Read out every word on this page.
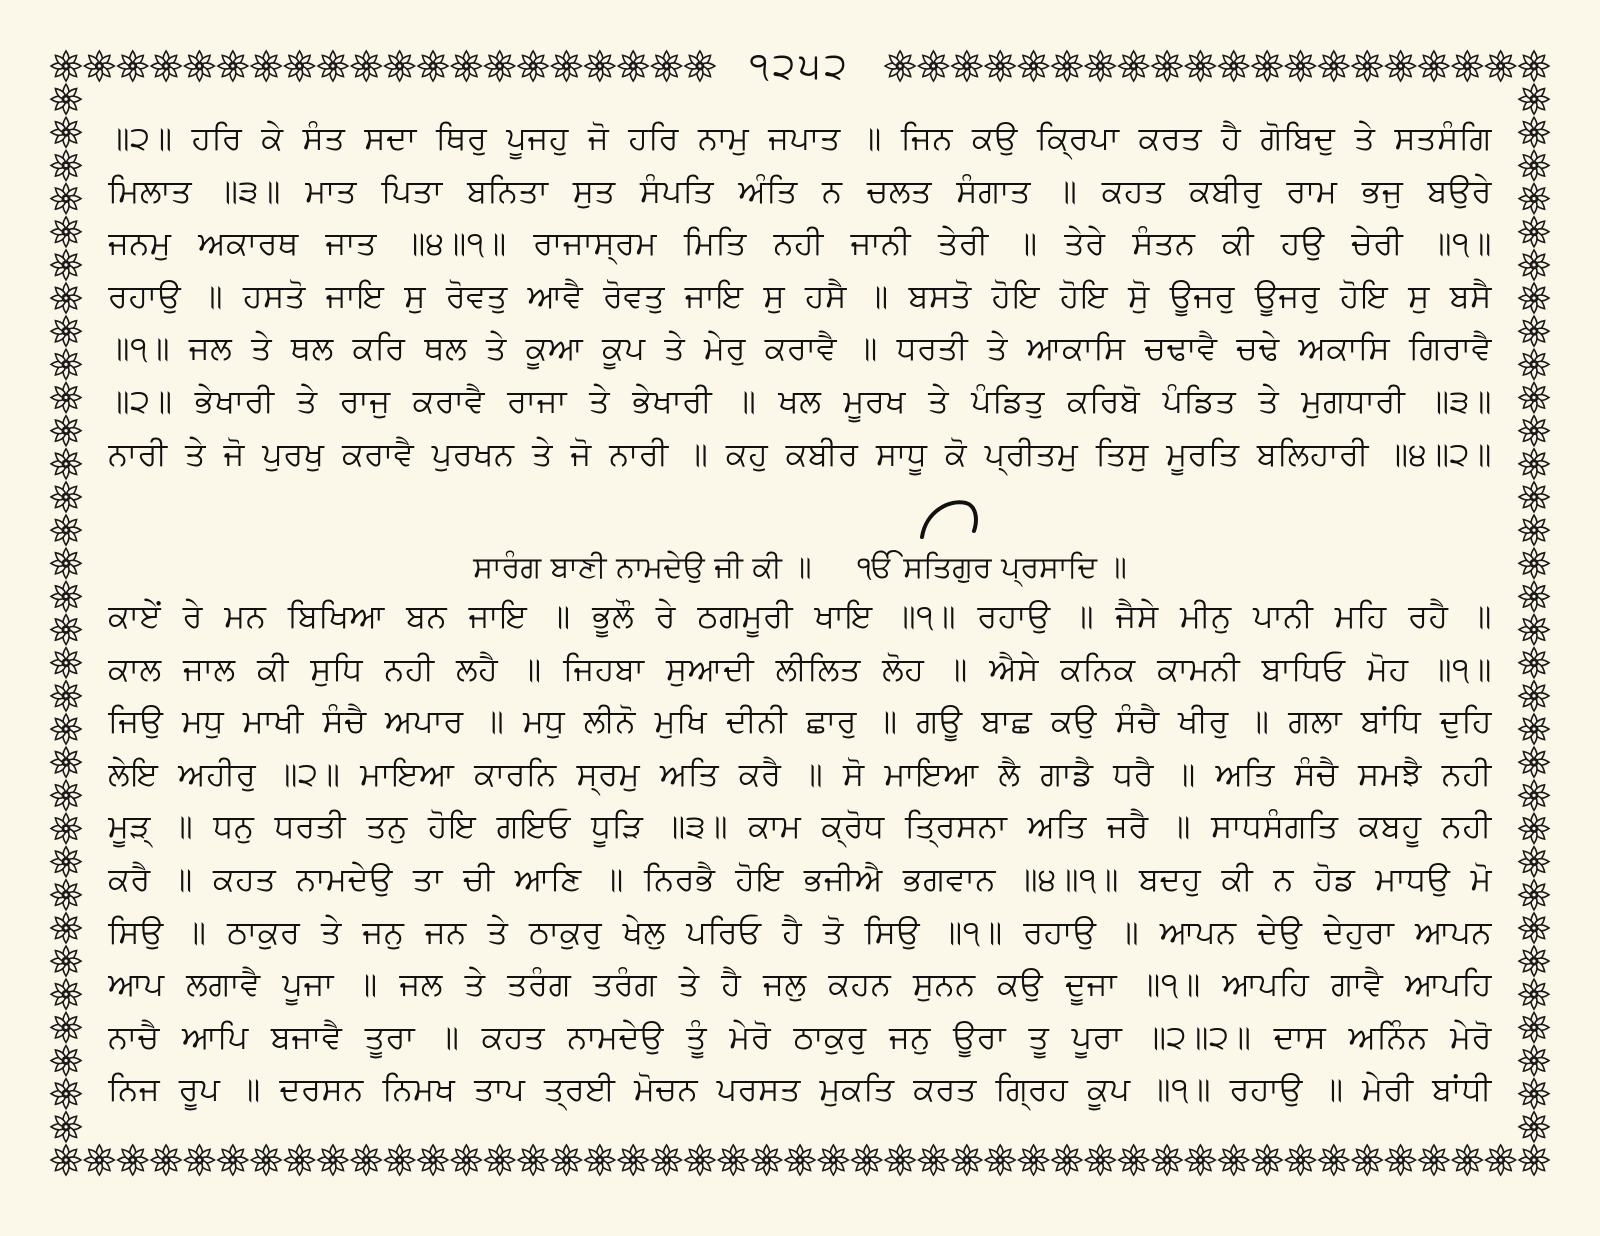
੧੨੫੨
॥੨॥ ਹਰਿ ਕੇ ਸੰਤ ਸਦਾ ਥਿਰੁ ਪੂਜਹੁ ਜੋ ਹਰਿ ਨਾਮੁ ਜਪਾਤ ॥ ਜਿਨ ਕਉ ਕ੍ਰਿਪਾ ਕਰਤ ਹੈ ਗੋਬਿਦੁ ਤੇ ਸਤਸੰਗਿ
ਮਿਲਾਤ ॥੩॥ ਮਾਤ ਪਿਤਾ ਬਨਿਤਾ ਸੁਤ ਸੰਪਤਿ ਅੰਤਿ ਨ ਚਲਤ ਸੰਗਾਤ ॥ ਕਹਤ ਕਬੀਰੁ ਰਾਮ ਭਜੁ ਬਉਰੇ
ਜਨਮੁ ਅਕਾਰਥ ਜਾਤ ॥੪॥੧॥ ਰਾਜਾਸ੍ਰਮ ਮਿਤਿ ਨਹੀ ਜਾਨੀ ਤੇਰੀ ॥ ਤੇਰੇ ਸੰਤਨ ਕੀ ਹਉ ਚੇਰੀ ॥੧॥
ਰਹਾਉ ॥ ਹਸਤੋ ਜਾਇ ਸੁ ਰੋਵਤੁ ਆਵੈ ਰੋਵਤੁ ਜਾਇ ਸੁ ਹਸੈ ॥ ਬਸਤੋ ਹੋਇ ਹੋਇ ਸੋੁ ਊਜਰੁ ਊਜਰੁ ਹੋਇ ਸੁ ਬਸੈ
॥੧॥ ਜਲ ਤੇ ਥਲ ਕਰਿ ਥਲ ਤੇ ਕੂਆ ਕੂਪ ਤੇ ਮੇਰੁ ਕਰਾਵੈ ॥ ਧਰਤੀ ਤੇ ਆਕਾਸਿ ਚਢਾਵੈ ਚਢੇ ਅਕਾਸਿ ਗਿਰਾਵੈ
॥੨॥ ਭੇਖਾਰੀ ਤੇ ਰਾਜੁ ਕਰਾਵੈ ਰਾਜਾ ਤੇ ਭੇਖਾਰੀ ॥ ਖਲ ਮੂਰਖ ਤੇ ਪੰਡਿਤੁ ਕਰਿਬੋ ਪੰਡਿਤ ਤੇ ਮੁਗਧਾਰੀ ॥੩॥
ਨਾਰੀ ਤੇ ਜੋ ਪੁਰਖੁ ਕਰਾਵੈ ਪੁਰਖਨ ਤੇ ਜੋ ਨਾਰੀ ॥ ਕਹੁ ਕਬੀਰ ਸਾਧੂ ਕੋ ਪ੍ਰੀਤਮੁ ਤਿਸੁ ਮੂਰਤਿ ਬਲਿਹਾਰੀ ॥੪॥੨॥
ਸਾਰੰਗ ਬਾਣੀ ਨਾਮਦੇਉ ਜੀ ਕੀ ॥ ੴ ਸਤਿਗੁਰ ਪ੍ਰਸਾਦਿ ॥
ਕਾਏਂ ਰੇ ਮਨ ਬਿਖਿਆ ਬਨ ਜਾਇ ॥ ਭੂਲੌ ਰੇ ਠਗਮੂਰੀ ਖਾਇ ॥੧॥ ਰਹਾਉ ॥ ਜੈਸੇ ਮੀਨੁ ਪਾਨੀ ਮਹਿ ਰਹੈ ॥
ਕਾਲ ਜਾਲ ਕੀ ਸੁਧਿ ਨਹੀ ਲਹੈ ॥ ਜਿਹਬਾ ਸੁਆਦੀ ਲੀਲਿਤ ਲੋਹ ॥ ਐਸੇ ਕਨਿਕ ਕਾਮਨੀ ਬਾਧਿਓ ਮੋਹ ॥੧॥
ਜਿਉ ਮਧੁ ਮਾਖੀ ਸੰਚੈ ਅਪਾਰ ॥ ਮਧੁ ਲੀਨੋ ਮੁਖਿ ਦੀਨੀ ਛਾਰੁ ॥ ਗਊ ਬਾਛ ਕਉ ਸੰਚੈ ਖੀਰੁ ॥ ਗਲਾ ਬਾਂਧਿ ਦੁਹਿ
ਲੇਇ ਅਹੀਰੁ ॥੨॥ ਮਾਇਆ ਕਾਰਨਿ ਸ੍ਰਮੁ ਅਤਿ ਕਰੈ ॥ ਸੋ ਮਾਇਆ ਲੈ ਗਾਡੈ ਧਰੈ ॥ ਅਤਿ ਸੰਚੈ ਸਮਝੈ ਨਹੀ
ਮੂੜ੍ ॥ ਧਨੁ ਧਰਤੀ ਤਨੁ ਹੋਇ ਗਇਓ ਧੂੜਿ ॥੩॥ ਕਾਮ ਕ੍ਰੋਧ ਤ੍ਰਿਸਨਾ ਅਤਿ ਜਰੈ ॥ ਸਾਧਸੰਗਤਿ ਕਬਹੂ ਨਹੀ
ਕਰੈ ॥ ਕਹਤ ਨਾਮਦੇਉ ਤਾ ਚੀ ਆਣਿ ॥ ਨਿਰਭੈ ਹੋਇ ਭਜੀਐ ਭਗਵਾਨ ॥੪॥੧॥ ਬਦਹੁ ਕੀ ਨ ਹੋਡ ਮਾਧਉ ਮੋ
ਸਿਉ ॥ ਠਾਕੁਰ ਤੇ ਜਨੁ ਜਨ ਤੇ ਠਾਕੁਰੁ ਖੇਲੁ ਪਰਿਓ ਹੈ ਤੋ ਸਿਉ ॥੧॥ ਰਹਾਉ ॥ ਆਪਨ ਦੇਉ ਦੇਹੁਰਾ ਆਪਨ
ਆਪ ਲਗਾਵੈ ਪੂਜਾ ॥ ਜਲ ਤੇ ਤਰੰਗ ਤਰੰਗ ਤੇ ਹੈ ਜਲੁ ਕਹਨ ਸੁਨਨ ਕਉ ਦੂਜਾ ॥੧॥ ਆਪਹਿ ਗਾਵੈ ਆਪਹਿ
ਨਾਚੈ ਆਪਿ ਬਜਾਵੈ ਤੂਰਾ ॥ ਕਹਤ ਨਾਮਦੇਉ ਤੂੰ ਮੇਰੋ ਠਾਕੁਰੁ ਜਨੁ ਊਰਾ ਤੂ ਪੂਰਾ ॥੨॥੨॥ ਦਾਸ ਅਨਿੰਨ ਮੇਰੋ
ਨਿਜ ਰੂਪ ॥ ਦਰਸਨ ਨਿਮਖ ਤਾਪ ਤ੍ਰਈ ਮੋਚਨ ਪਰਸਤ ਮੁਕਤਿ ਕਰਤ ਗ੍ਰਿਹ ਕੂਪ ॥੧॥ ਰਹਾਉ ॥ ਮੇਰੀ ਬਾਂਧੀ
